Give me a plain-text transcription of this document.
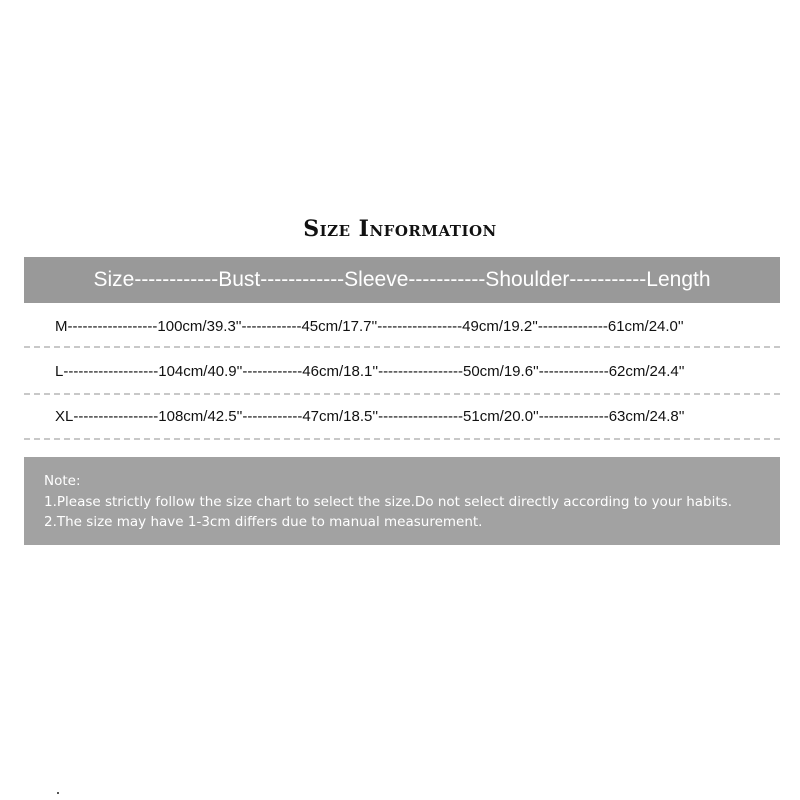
Size Information
Size------------Bust------------Sleeve-----------Shoulder-----------Length
M------------------100cm/39.3''------------45cm/17.7''-----------------49cm/19.2''--------------61cm/24.0''
L-------------------104cm/40.9''------------46cm/18.1''-----------------50cm/19.6''--------------62cm/24.4''
XL-----------------108cm/42.5''------------47cm/18.5''-----------------51cm/20.0''--------------63cm/24.8''
Note:
1.Please strictly follow the size chart to select the size.Do not select directly according to your habits.
2.The size may have 1-3cm differs due to manual measurement.
